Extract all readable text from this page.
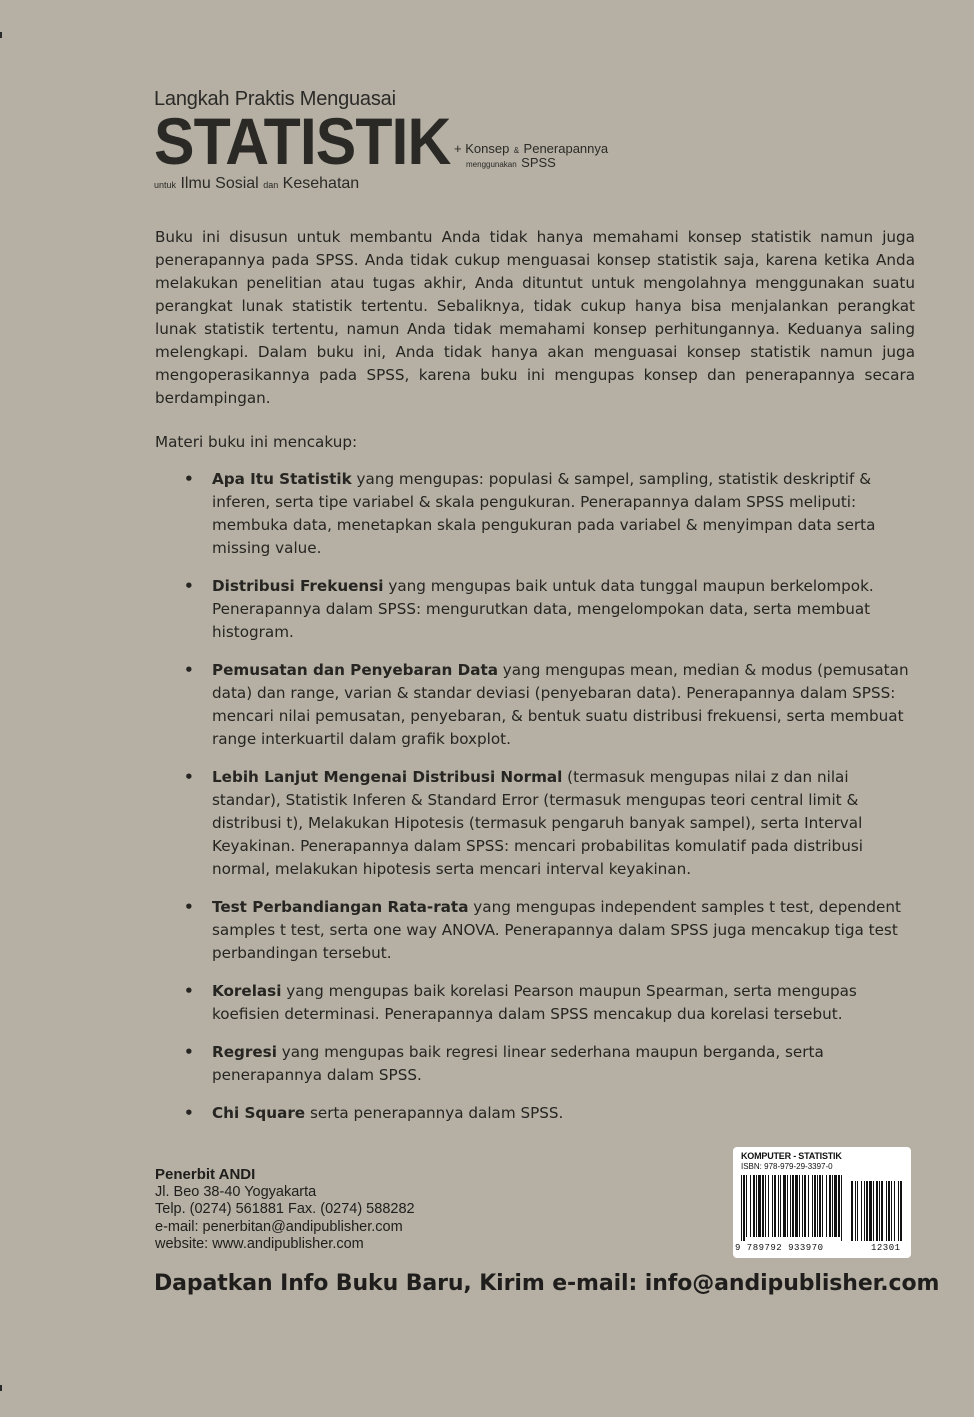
Langkah Praktis Menguasai
STATISTIK + Konsep & Penerapannya
menggunakan SPSS
untuk Ilmu Sosial dan Kesehatan

Buku ini disusun untuk membantu Anda tidak hanya memahami konsep statistik namun juga penerapannya pada SPSS. Anda tidak cukup menguasai konsep statistik saja, karena ketika Anda melakukan penelitian atau tugas akhir, Anda dituntut untuk mengolahnya menggunakan suatu perangkat lunak statistik tertentu. Sebaliknya, tidak cukup hanya bisa menjalankan perangkat lunak statistik tertentu, namun Anda tidak memahami konsep perhitungannya. Keduanya saling melengkapi. Dalam buku ini, Anda tidak hanya akan menguasai konsep statistik namun juga mengoperasikannya pada SPSS, karena buku ini mengupas konsep dan penerapannya secara berdampingan.

Materi buku ini mencakup:

• Apa Itu Statistik yang mengupas: populasi & sampel, sampling, statistik deskriptif & inferen, serta tipe variabel & skala pengukuran. Penerapannya dalam SPSS meliputi: membuka data, menetapkan skala pengukuran pada variabel & menyimpan data serta missing value.
• Distribusi Frekuensi yang mengupas baik untuk data tunggal maupun berkelompok. Penerapannya dalam SPSS: mengurutkan data, mengelompokan data, serta membuat histogram.
• Pemusatan dan Penyebaran Data yang mengupas mean, median & modus (pemusatan data) dan range, varian & standar deviasi (penyebaran data). Penerapannya dalam SPSS: mencari nilai pemusatan, penyebaran, & bentuk suatu distribusi frekuensi, serta membuat range interkuartil dalam grafik boxplot.
• Lebih Lanjut Mengenai Distribusi Normal (termasuk mengupas nilai z dan nilai standar), Statistik Inferen & Standard Error (termasuk mengupas teori central limit & distribusi t), Melakukan Hipotesis (termasuk pengaruh banyak sampel), serta Interval Keyakinan. Penerapannya dalam SPSS: mencari probabilitas komulatif pada distribusi normal, melakukan hipotesis serta mencari interval keyakinan.
• Test Perbandiangan Rata-rata yang mengupas independent samples t test, dependent samples t test, serta one way ANOVA. Penerapannya dalam SPSS juga mencakup tiga test perbandingan tersebut.
• Korelasi yang mengupas baik korelasi Pearson maupun Spearman, serta mengupas koefisien determinasi. Penerapannya dalam SPSS mencakup dua korelasi tersebut.
• Regresi yang mengupas baik regresi linear sederhana maupun berganda, serta penerapannya dalam SPSS.
• Chi Square serta penerapannya dalam SPSS.
Penerbit ANDI
Jl. Beo 38-40 Yogyakarta
Telp. (0274) 561881 Fax. (0274) 588282
e-mail: penerbitan@andipublisher.com
website: www.andipublisher.com
Dapatkan Info Buku Baru, Kirim e-mail: info@andipublisher.com
KOMPUTER - STATISTIK
ISBN: 978-979-29-3397-0
9 789792 933970	12301
